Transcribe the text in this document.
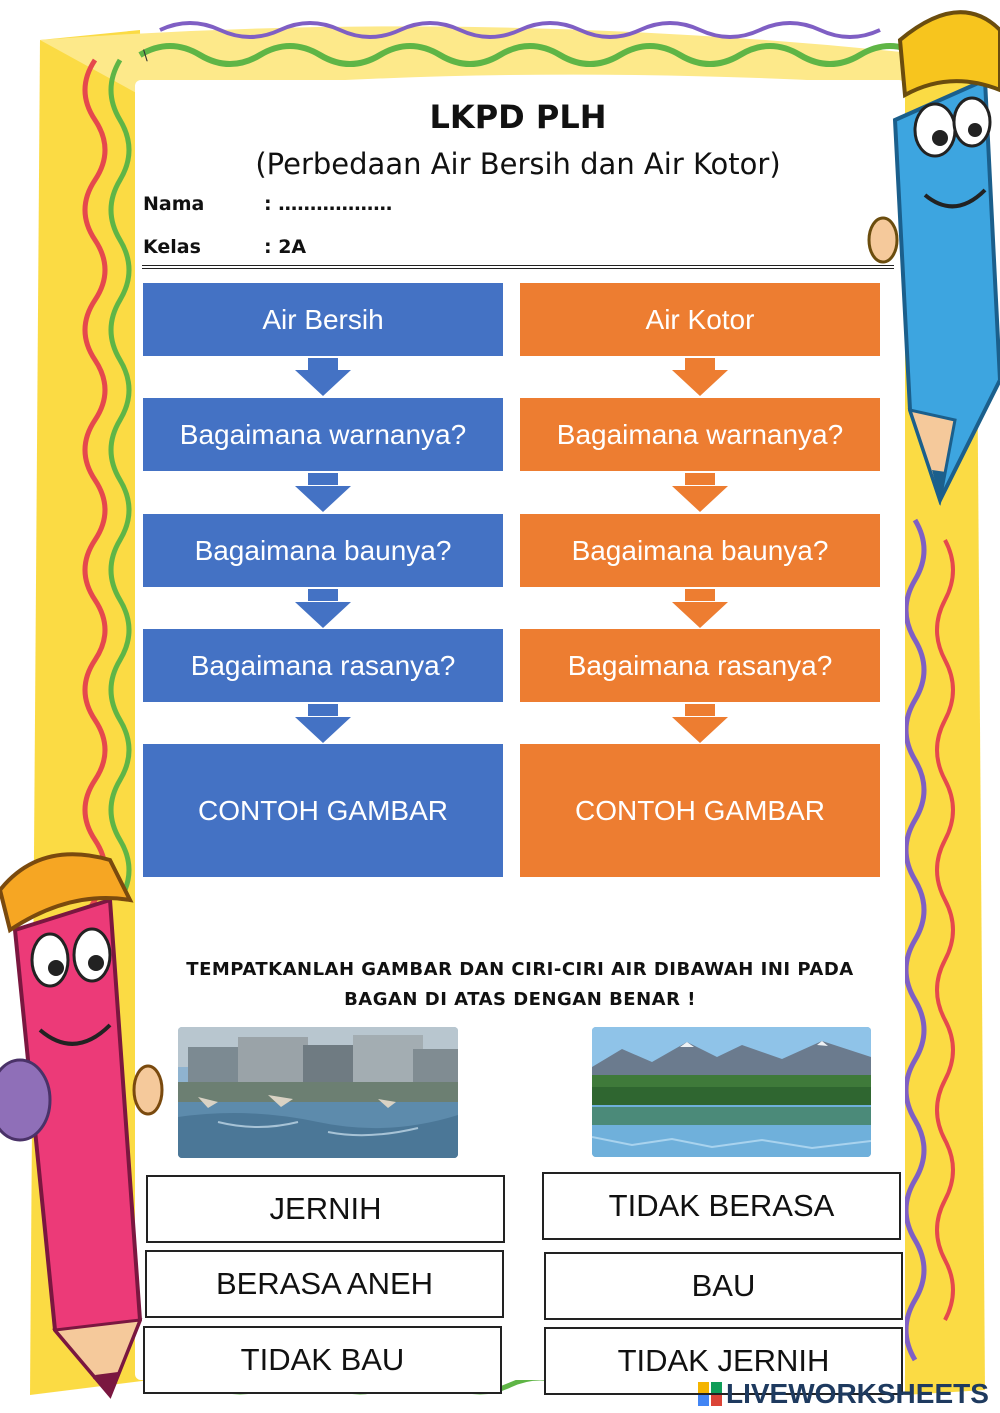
\
LKPD PLH
(Perbedaan Air Bersih dan Air Kotor)
Nama	: ………………
Kelas	: 2A
Air Bersih
Bagaimana warnanya?
Bagaimana baunya?
Bagaimana rasanya?
CONTOH GAMBAR
Air Kotor
Bagaimana warnanya?
Bagaimana baunya?
Bagaimana rasanya?
CONTOH GAMBAR
TEMPATKANLAH GAMBAR DAN CIRI-CIRI AIR DIBAWAH INI PADA
BAGAN DI ATAS DENGAN BENAR !
JERNIH
BERASA ANEH
TIDAK BAU
TIDAK BERASA
BAU
TIDAK JERNIH
LIVEWORKSHEETS
